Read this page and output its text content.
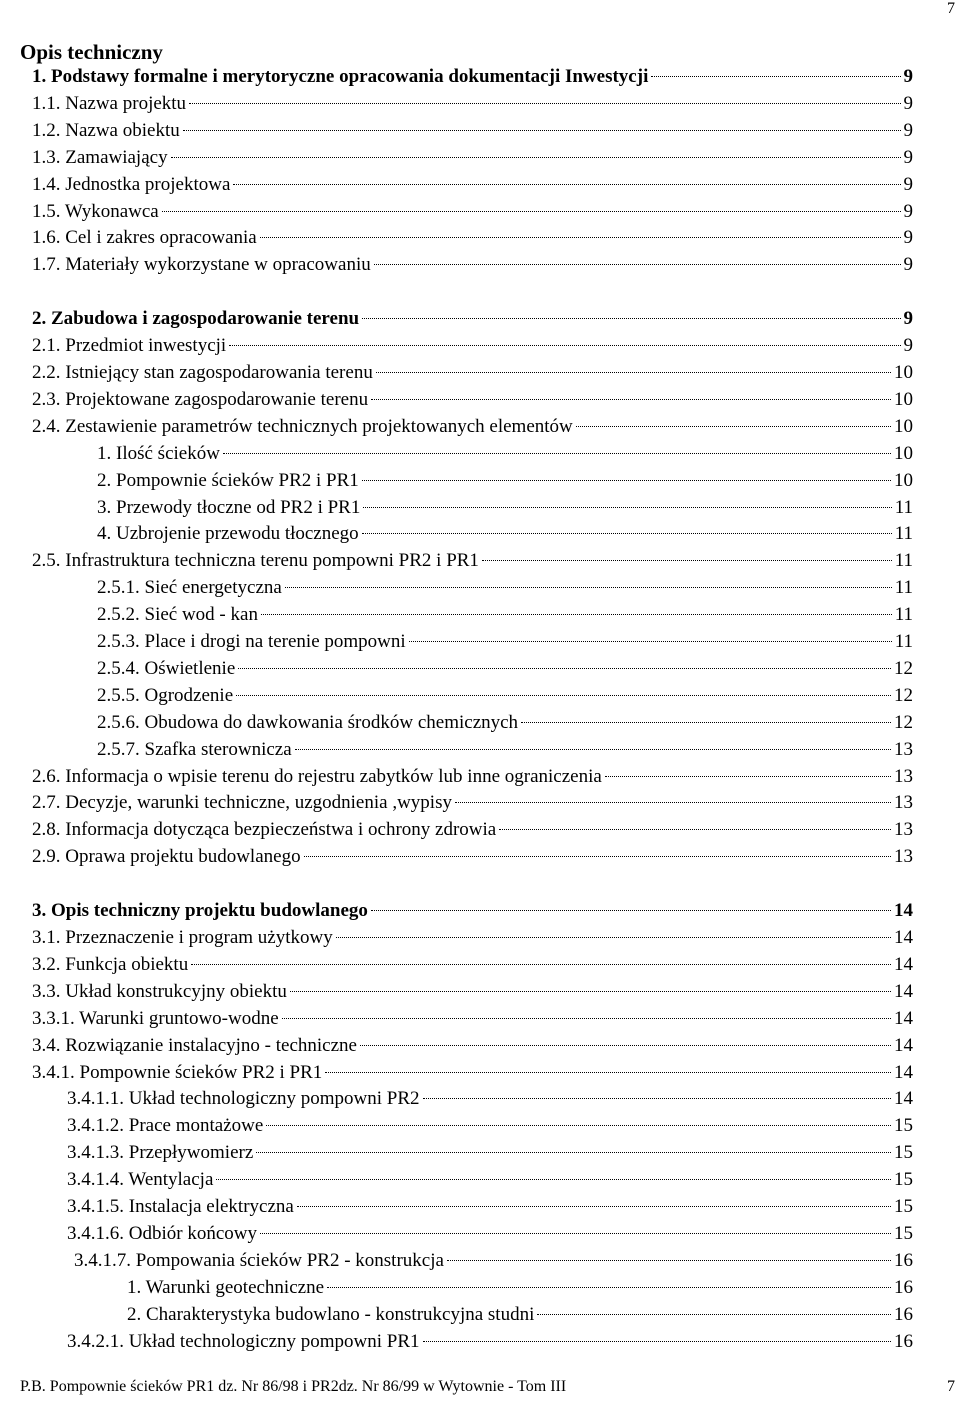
7
Opis techniczny
1. Podstawy formalne i merytoryczne opracowania dokumentacji Inwestycji	9
1.1. Nazwa projektu	9
1.2. Nazwa obiektu	9
1.3. Zamawiający	9
1.4. Jednostka projektowa	9
1.5. Wykonawca	9
1.6. Cel i zakres opracowania	9
1.7. Materiały wykorzystane w opracowaniu	9
2. Zabudowa i zagospodarowanie terenu	9
2.1. Przedmiot inwestycji	9
2.2. Istniejący stan zagospodarowania terenu	10
2.3. Projektowane zagospodarowanie terenu	10
2.4. Zestawienie parametrów technicznych projektowanych elementów	10
1. Ilość ścieków	10
2. Pompownie ścieków PR2 i PR1	10
3. Przewody tłoczne od PR2 i PR1	11
4. Uzbrojenie przewodu tłocznego	11
2.5. Infrastruktura techniczna terenu pompowni PR2 i PR1	11
2.5.1. Sieć energetyczna	11
2.5.2. Sieć wod - kan	11
2.5.3. Place i drogi na terenie pompowni	11
2.5.4. Oświetlenie	12
2.5.5. Ogrodzenie	12
2.5.6. Obudowa do dawkowania środków chemicznych	12
2.5.7. Szafka sterownicza	13
2.6. Informacja o wpisie terenu do rejestru zabytków lub inne ograniczenia	13
2.7. Decyzje, warunki techniczne, uzgodnienia ,wypisy	13
2.8. Informacja dotycząca bezpieczeństwa i ochrony zdrowia	13
2.9. Oprawa projektu budowlanego	13
3. Opis techniczny projektu budowlanego	14
3.1. Przeznaczenie i program użytkowy	14
3.2. Funkcja obiektu	14
3.3. Układ konstrukcyjny obiektu	14
3.3.1. Warunki gruntowo-wodne	14
3.4. Rozwiązanie instalacyjno - techniczne	14
3.4.1. Pompownie ścieków PR2 i PR1	14
3.4.1.1. Układ technologiczny pompowni PR2	14
3.4.1.2. Prace montażowe	15
3.4.1.3. Przepływomierz	15
3.4.1.4. Wentylacja	15
3.4.1.5. Instalacja elektryczna	15
3.4.1.6. Odbiór końcowy	15
3.4.1.7. Pompowania ścieków PR2 - konstrukcja	16
1. Warunki geotechniczne	16
2. Charakterystyka budowlano - konstrukcyjna studni	16
3.4.2.1. Układ technologiczny pompowni PR1	16
P.B. Pompownie ścieków PR1 dz. Nr 86/98 i PR2dz. Nr 86/99 w Wytownie - Tom III	7
